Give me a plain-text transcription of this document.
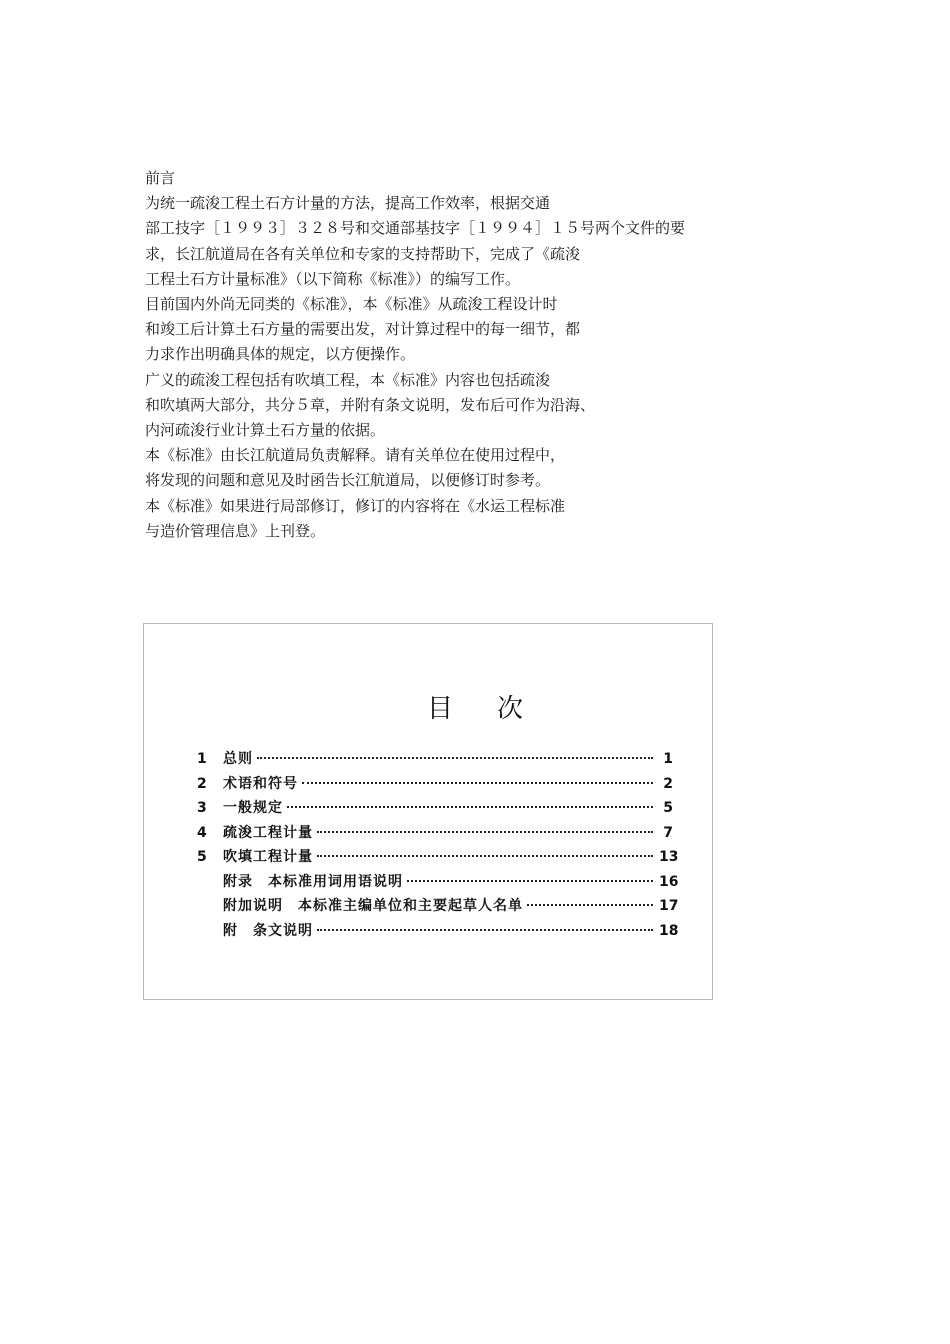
前言
为统一疏浚工程土石方计量的方法，提高工作效率，根据交通
部工技字［１９９３］３２８号和交通部基技字［１９９４］１５号两个文件的要
求，长江航道局在各有关单位和专家的支持帮助下，完成了《疏浚
工程土石方计量标准》（以下简称《标准》）的编写工作。
目前国内外尚无同类的《标准》，本《标准》从疏浚工程设计时
和竣工后计算土石方量的需要出发，对计算过程中的每一细节，都
力求作出明确具体的规定，以方便操作。
广义的疏浚工程包括有吹填工程，本《标准》内容也包括疏浚
和吹填两大部分，共分５章，并附有条文说明，发布后可作为沿海、
内河疏浚行业计算土石方量的依据。
本《标准》由长江航道局负责解释。请有关单位在使用过程中，
将发现的问题和意见及时函告长江航道局，以便修订时参考。
本《标准》如果进行局部修订，修订的内容将在《水运工程标准
与造价管理信息》上刊登。
目次
1	总则	1
2	术语和符号	2
3	一般规定	5
4	疏浚工程计量	7
5	吹填工程计量	13
附录　本标准用词用语说明	16
附加说明　本标准主编单位和主要起草人名单	17
附　条文说明	18
